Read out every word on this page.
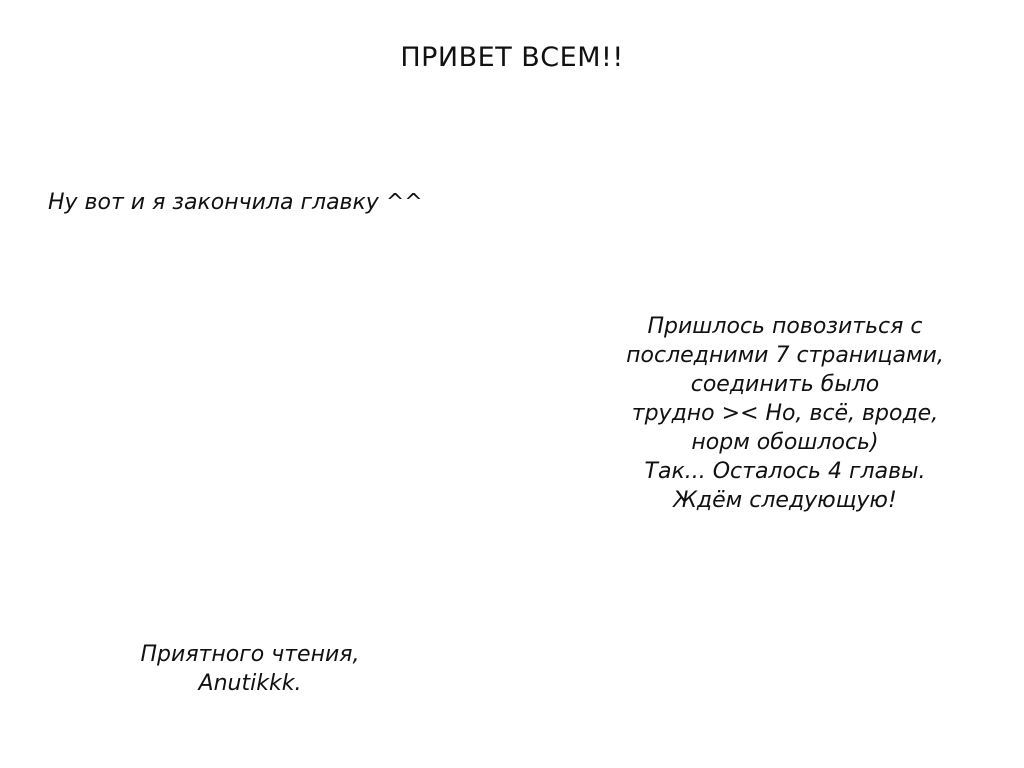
ПРИВЕТ ВСЕМ!!
Ну вот и я закончила главку ^^
Пришлось повозиться с
последними 7 страницами,
соединить было
трудно >< Но, всё, вроде,
норм обошлось)
Так... Осталось 4 главы.
Ждём следующую!
Приятного чтения,
Anutikkk.
